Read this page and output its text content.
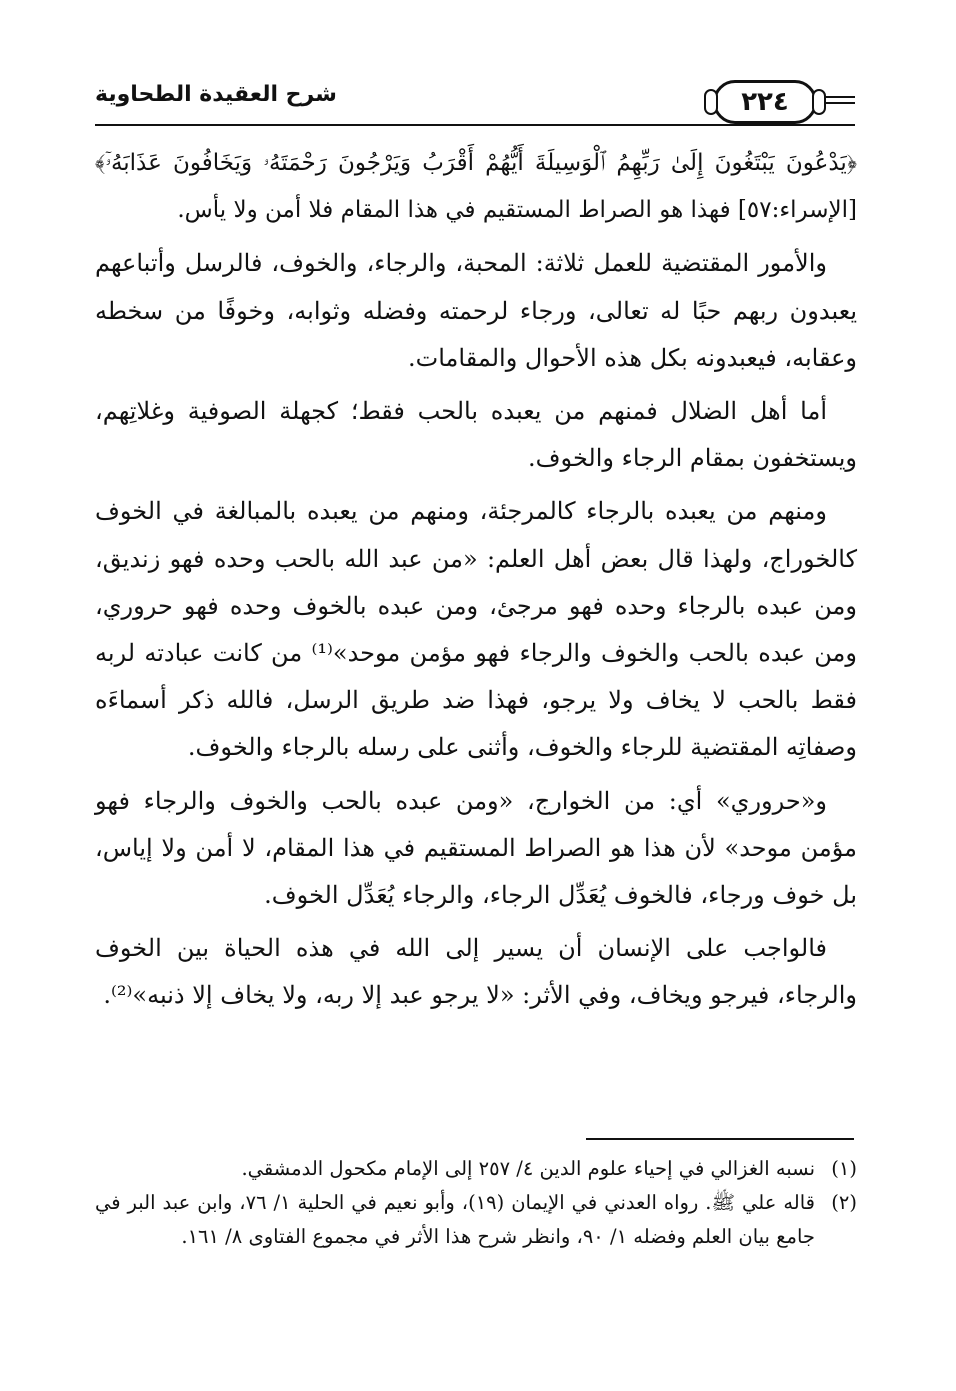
٢٢٤
شرح العقيدة الطحاوية

﴿يَدْعُونَ يَبْتَغُونَ إِلَىٰ رَبِّهِمُ ٱلْوَسِيلَةَ أَيُّهُمْ أَقْرَبُ وَيَرْجُونَ رَحْمَتَهُۥ وَيَخَافُونَ عَذَابَهُۥٓ﴾ [الإسراء:٥٧] فهذا هو الصراط المستقيم في هذا المقام فلا أمن ولا يأس.

والأمور المقتضية للعمل ثلاثة: المحبة، والرجاء، والخوف، فالرسل وأتباعهم يعبدون ربهم حبًا له تعالى، ورجاء لرحمته وفضله وثوابه، وخوفًا من سخطه وعقابه، فيعبدونه بكل هذه الأحوال والمقامات.

أما أهل الضلال فمنهم من يعبده بالحب فقط؛ كجهلة الصوفية وغلاتِهم، ويستخفون بمقام الرجاء والخوف.

ومنهم من يعبده بالرجاء كالمرجئة، ومنهم من يعبده بالمبالغة في الخوف كالخوراج، ولهذا قال بعض أهل العلم: «من عبد الله بالحب وحده فهو زنديق، ومن عبده بالرجاء وحده فهو مرجئ، ومن عبده بالخوف وحده فهو حروري، ومن عبده بالحب والخوف والرجاء فهو مؤمن موحد»⁽¹⁾ من كانت عبادته لربه فقط بالحب لا يخاف ولا يرجو، فهذا ضد طريق الرسل، فالله ذكر أسماءَه وصفاتِه المقتضية للرجاء والخوف، وأثنى على رسله بالرجاء والخوف.

و«حروري» أي: من الخوارج، «ومن عبده بالحب والخوف والرجاء فهو مؤمن موحد» لأن هذا هو الصراط المستقيم في هذا المقام، لا أمن ولا إياس، بل خوف ورجاء، فالخوف يُعَدِّل الرجاء، والرجاء يُعَدِّل الخوف.

فالواجب على الإنسان أن يسير إلى الله في هذه الحياة بين الخوف والرجاء، فيرجو ويخاف، وفي الأثر: «لا يرجو عبد إلا ربه، ولا يخاف إلا ذنبه»⁽²⁾.

(١)
نسبه الغزالي في إحياء علوم الدين ٤/ ٢٥٧ إلى الإمام مكحول الدمشقي.
(٢)
قاله علي ﷺ. رواه العدني في الإيمان (١٩)، وأبو نعيم في الحلية ١/ ٧٦، وابن عبد البر في جامع بيان العلم وفضله ١/ ٩٠، وانظر شرح هذا الأثر في مجموع الفتاوى ٨/ ١٦١.
